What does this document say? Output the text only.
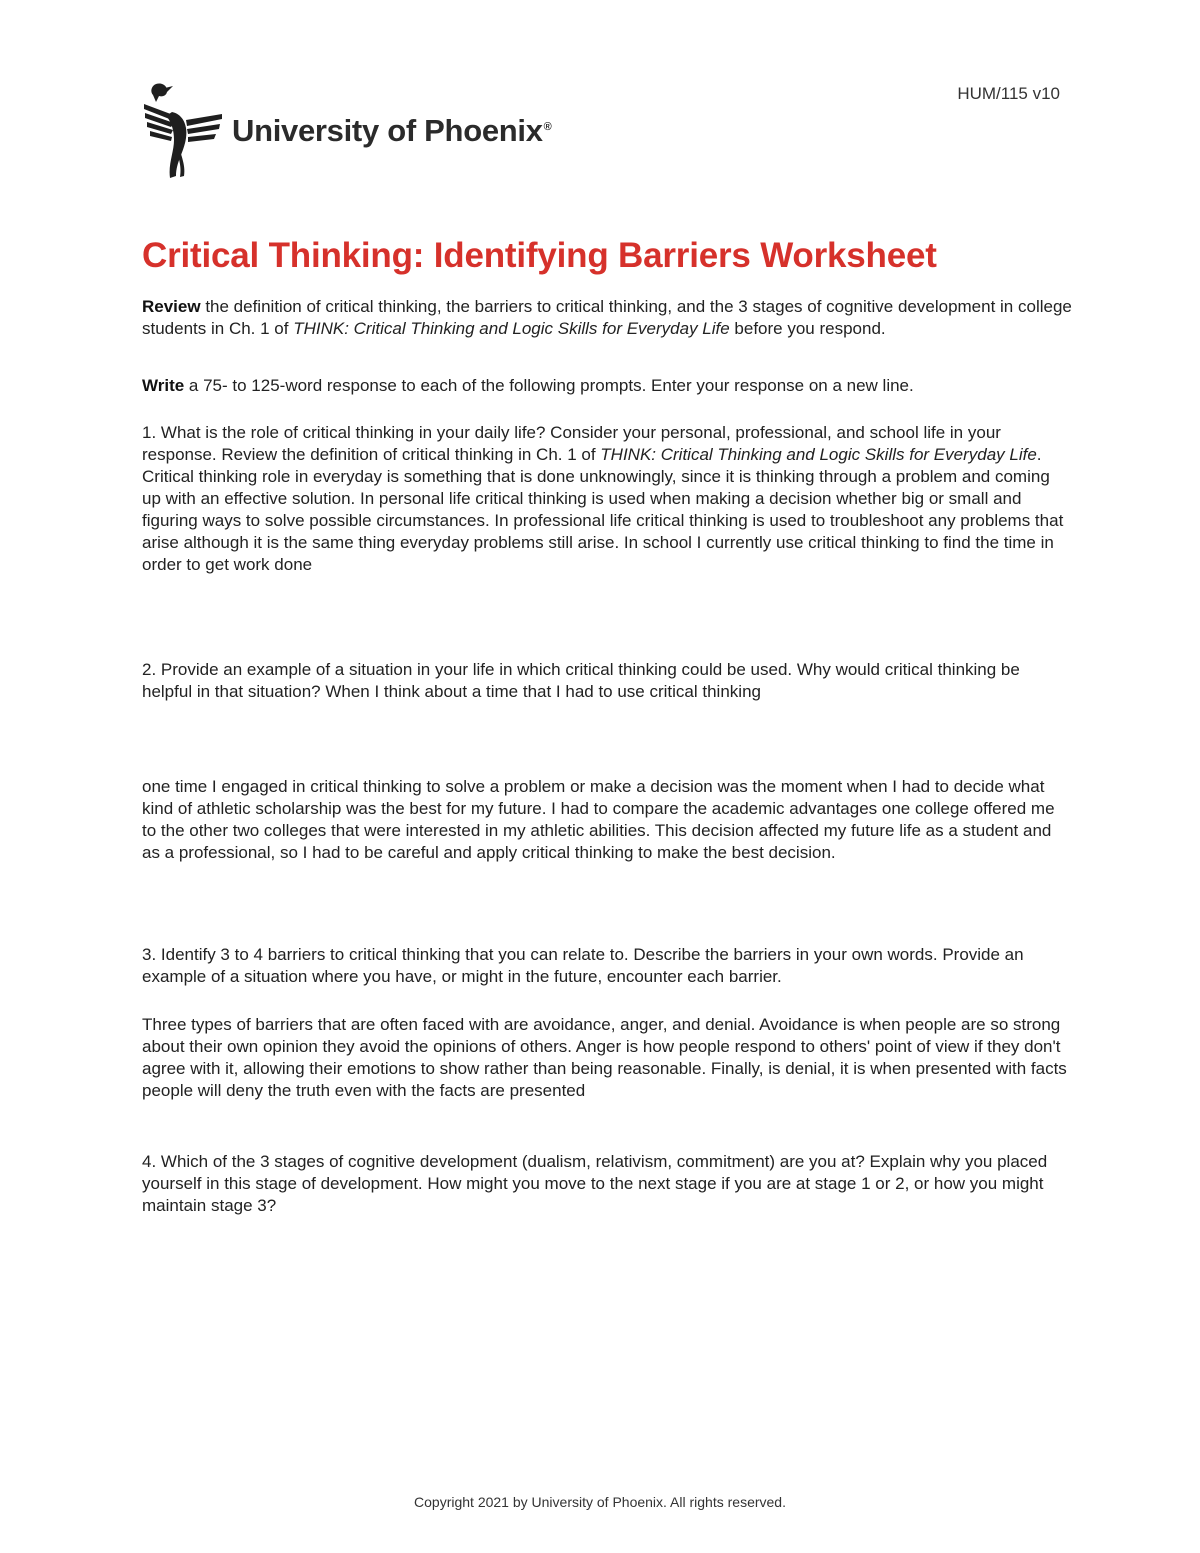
HUM/115 v10
University of Phoenix®
Critical Thinking: Identifying Barriers Worksheet

Review the definition of critical thinking, the barriers to critical thinking, and the 3 stages of cognitive development in college students in Ch. 1 of THINK: Critical Thinking and Logic Skills for Everyday Life before you respond.

Write a 75- to 125-word response to each of the following prompts. Enter your response on a new line.

1. What is the role of critical thinking in your daily life? Consider your personal, professional, and school life in your response. Review the definition of critical thinking in Ch. 1 of THINK: Critical Thinking and Logic Skills for Everyday Life. Critical thinking role in everyday is something that is done unknowingly, since it is thinking through a problem and coming up with an effective solution. In personal life critical thinking is used when making a decision whether big or small and figuring ways to solve possible circumstances. In professional life critical thinking is used to troubleshoot any problems that arise although it is the same thing everyday problems still arise. In school I currently use critical thinking to find the time in order to get work done

2. Provide an example of a situation in your life in which critical thinking could be used. Why would critical thinking be helpful in that situation? When I think about a time that I had to use critical thinking

one time I engaged in critical thinking to solve a problem or make a decision was the moment when I had to decide what kind of athletic scholarship was the best for my future. I had to compare the academic advantages one college offered me to the other two colleges that were interested in my athletic abilities. This decision affected my future life as a student and as a professional, so I had to be careful and apply critical thinking to make the best decision.

3. Identify 3 to 4 barriers to critical thinking that you can relate to. Describe the barriers in your own words. Provide an example of a situation where you have, or might in the future, encounter each barrier.

Three types of barriers that are often faced with are avoidance, anger, and denial. Avoidance is when people are so strong about their own opinion they avoid the opinions of others. Anger is how people respond to others' point of view if they don't agree with it, allowing their emotions to show rather than being reasonable. Finally, is denial, it is when presented with facts people will deny the truth even with the facts are presented

4. Which of the 3 stages of cognitive development (dualism, relativism, commitment) are you at? Explain why you placed yourself in this stage of development. How might you move to the next stage if you are at stage 1 or 2, or how you might maintain stage 3?

Copyright 2021 by University of Phoenix. All rights reserved.
